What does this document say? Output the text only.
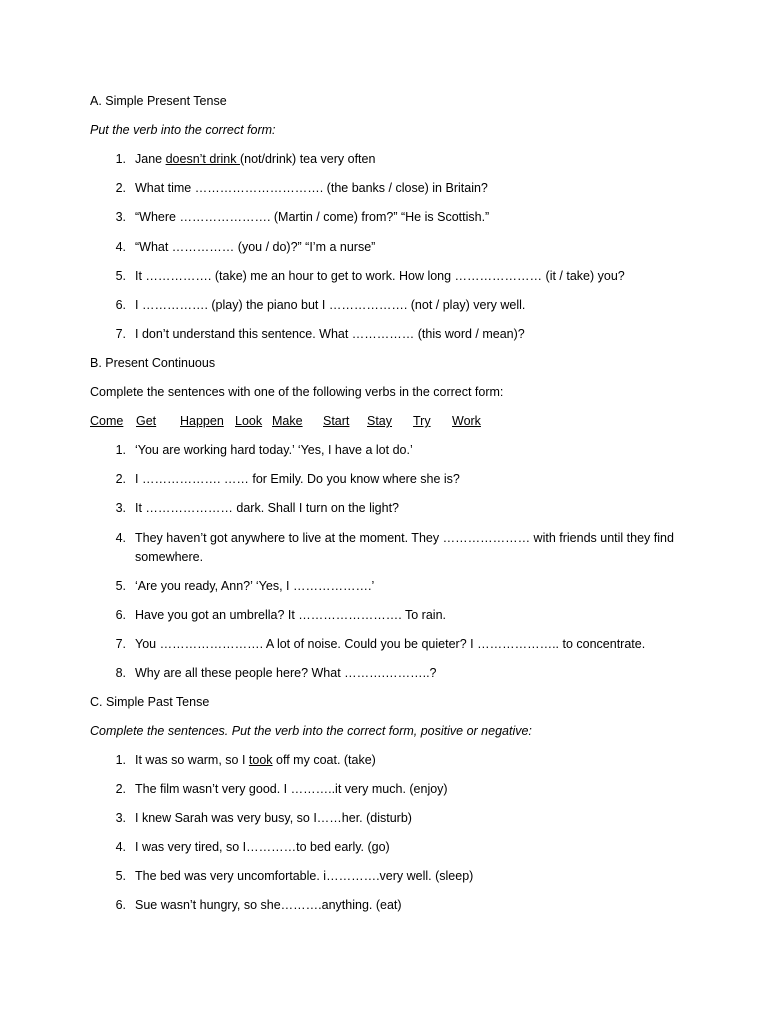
A. Simple Present Tense
Put the verb into the correct form:
1. Jane doesn’t drink (not/drink) tea very often
2. What time …………………………. (the banks / close) in Britain?
3. “Where …………………. (Martin / come) from?” “He is Scottish.”
4. “What …………… (you / do)?” “I’m a nurse”
5. It ……………. (take) me an hour to get to work. How long ………………… (it / take) you?
6. I ……………. (play) the piano but I ………………. (not / play) very well.
7. I don’t understand this sentence. What …………… (this word / mean)?
B. Present Continuous
Complete the sentences with one of the following verbs in the correct form:
Come Get Happen Look Make Start Stay Try Work
1. ‘You are working hard today.’ ‘Yes, I have a lot do.’
2. I ………………. …… for Emily. Do you know where she is?
3. It ………………… dark. Shall I turn on the light?
4. They haven’t got anywhere to live at the moment. They ………………… with friends until they find somewhere.
5. ‘Are you ready, Ann?’ ‘Yes, I ……………….’
6. Have you got an umbrella? It ……………………. To rain.
7. You ……………………. A lot of noise. Could you be quieter? I ……………….. to concentrate.
8. Why are all these people here? What ……….………..?
C. Simple Past Tense
Complete the sentences. Put the verb into the correct form, positive or negative:
1. It was so warm, so I took off my coat. (take)
2. The film wasn’t very good. I ………..it very much. (enjoy)
3. I knew Sarah was very busy, so I……her. (disturb)
4. I was very tired, so I…………to bed early. (go)
5. The bed was very uncomfortable. i………….very well. (sleep)
6. Sue wasn’t hungry, so she……….anything. (eat)
